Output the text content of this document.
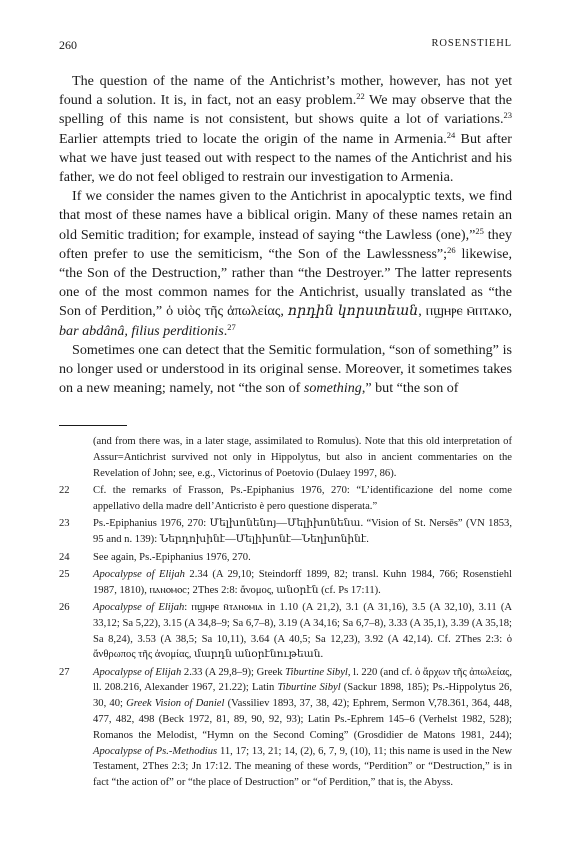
260	ROSENSTIEHL

The question of the name of the Antichrist’s mother, however, has not yet found a solution. It is, in fact, not an easy problem.$^{22}$ We may observe that the spelling of this name is not consistent, but shows quite a lot of variations.$^{23}$ Earlier attempts tried to locate the origin of the name in Armenia.$^{24}$ But after what we have just teased out with respect to the names of the Antichrist and his father, we do not feel obliged to restrain our investigation to Armenia.

If we consider the names given to the Antichrist in apocalyptic texts, we find that most of these names have a biblical origin. Many of these names retain an old Semitic tradition; for example, instead of saying “the Lawless (one),”$^{25}$ they often prefer to use the semiticism, “the Son of the Lawlessness”;$^{26}$ likewise, “the Son of the Destruction,” rather than “the Destroyer.” The latter represents one of the most common names for the Antichrist, usually translated as “the Son of Perdition,” ὁ υἱὸς τῆς ἀπωλείας, որդին կորստեան, ⲡϣⲏⲣⲉ ⲙ̄ⲡⲧⲁⲕⲟ, bar abdânâ, filius perditionis.$^{27}$

Sometimes one can detect that the Semitic formulation, “son of something” is no longer used or understood in its original sense. Moreover, it sometimes takes on a new meaning; namely, not “the son of something,” but “the son of

(and from there was, in a later stage, assimilated to Romulus). Note that this old interpretation of Assur=Antichrist survived not only in Hippolytus, but also in ancient commentaries on the Revelation of John; see, e.g., Victorinus of Poetovio (Dulaey 1997, 86).
22 Cf. the remarks of Frasson, Ps.-Epiphanius 1976, 270: “L’identificazione del nome come appellativo della madre dell’Anticristo è pero questione disperata.”
23 Ps.-Epiphanius 1976, 270: Մելխոնենոյ—Մելիխոնենա. “Vision of St. Nersēs” (VN 1853, 95 and n. 139): Ներդոխինէ—Մելիխոնէ—Նեղխոնինէ.
24 See again, Ps.-Epiphanius 1976, 270.
25 Apocalypse of Elijah 2.34 (A 29,10; Steindorff 1899, 82; transl. Kuhn 1984, 766; Rosenstiehl 1987, 1810), ⲡⲁⲛⲟⲙⲟⲥ; 2Thes 2:8: ἄνομος, անօրէն (cf. Ps 17:11).
26 Apocalypse of Elijah: ⲡϣⲏⲣⲉ ⲛ̄ⲧⲁⲛⲟⲙⲓⲁ in 1.10 (A 21,2), 3.1 (A 31,16), 3.5 (A 32,10), 3.11 (A 33,12; Sa 5,22), 3.15 (A 34,8–9; Sa 6,7–8), 3.19 (A 34,16; Sa 6,7–8), 3.33 (A 35,1), 3.39 (A 35,18; Sa 8,24), 3.53 (A 38,5; Sa 10,11), 3.64 (A 40,5; Sa 12,23), 3.92 (A 42,14). Cf. 2Thes 2:3: ὁ ἄνθρωπος τῆς ἀνομίας, մարդն անօրէնութեան.
27 Apocalypse of Elijah 2.33 (A 29,8–9); Greek Tiburtine Sibyl, l. 220 (and cf. ὁ ἄρχων τῆς ἀπωλείας, ll. 208.216, Alexander 1967, 21.22); Latin Tiburtine Sibyl (Sackur 1898, 185); Ps.-Hippolytus 26, 30, 40; Greek Vision of Daniel (Vassiliev 1893, 37, 38, 42); Ephrem, Sermon V,78.361, 364, 448, 477, 482, 498 (Beck 1972, 81, 89, 90, 92, 93); Latin Ps.-Ephrem 145–6 (Verhelst 1982, 528); Romanos the Melodist, “Hymn on the Second Coming” (Grosdidier de Matons 1981, 244); Apocalypse of Ps.-Methodius 11, 17; 13, 21; 14, (2), 6, 7, 9, (10), 11; this name is used in the New Testament, 2Thes 2:3; Jn 17:12. The meaning of these words, “Perdition” or “Destruction,” is in fact “the action of” or “the place of Destruction” or “of Perdition,” that is, the Abyss.
